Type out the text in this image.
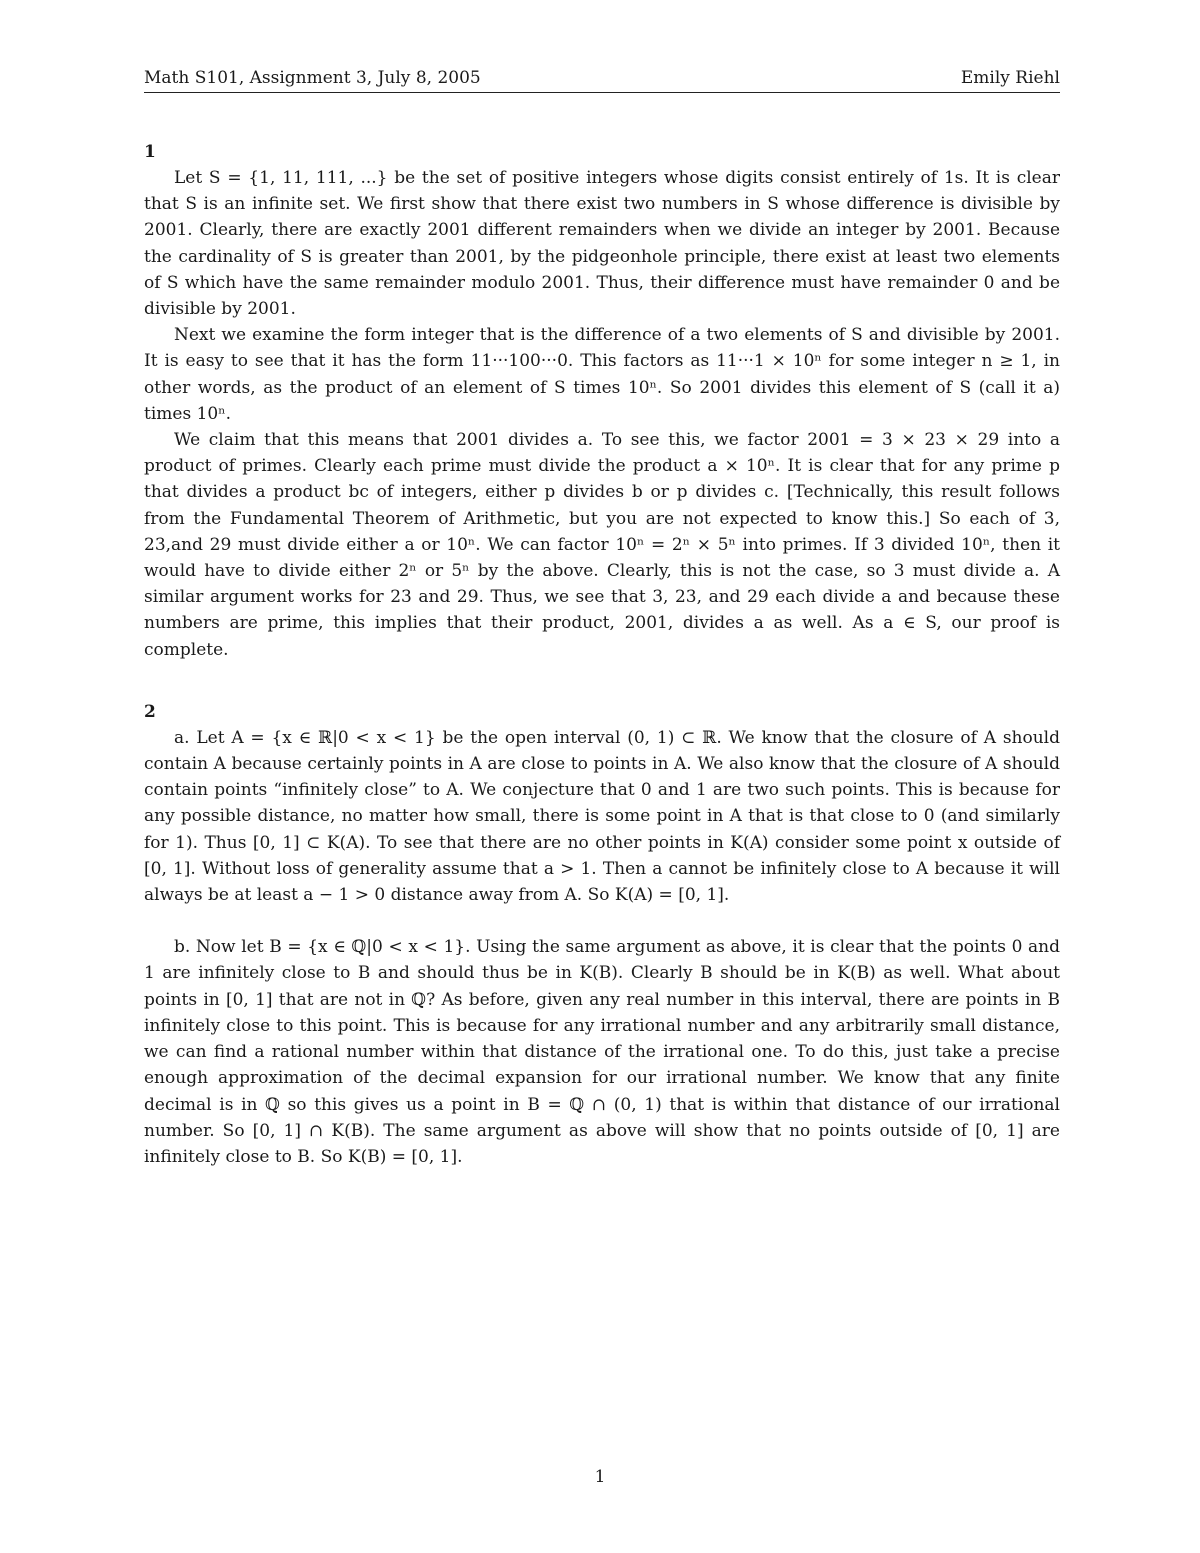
Math S101, Assignment 3, July 8, 2005	Emily Riehl
1

Let S = {1, 11, 111, ...} be the set of positive integers whose digits consist entirely of 1s. It is clear that S is an infinite set. We first show that there exist two numbers in S whose difference is divisible by 2001. Clearly, there are exactly 2001 different remainders when we divide an integer by 2001. Because the cardinality of S is greater than 2001, by the pidgeonhole principle, there exist at least two elements of S which have the same remainder modulo 2001. Thus, their difference must have remainder 0 and be divisible by 2001.

Next we examine the form integer that is the difference of a two elements of S and divisible by 2001. It is easy to see that it has the form 11···100···0. This factors as 11···1 × 10ⁿ for some integer n ≥ 1, in other words, as the product of an element of S times 10ⁿ. So 2001 divides this element of S (call it a) times 10ⁿ.

We claim that this means that 2001 divides a. To see this, we factor 2001 = 3 × 23 × 29 into a product of primes. Clearly each prime must divide the product a × 10ⁿ. It is clear that for any prime p that divides a product bc of integers, either p divides b or p divides c. [Technically, this result follows from the Fundamental Theorem of Arithmetic, but you are not expected to know this.] So each of 3, 23,and 29 must divide either a or 10ⁿ. We can factor 10ⁿ = 2ⁿ × 5ⁿ into primes. If 3 divided 10ⁿ, then it would have to divide either 2ⁿ or 5ⁿ by the above. Clearly, this is not the case, so 3 must divide a. A similar argument works for 23 and 29. Thus, we see that 3, 23, and 29 each divide a and because these numbers are prime, this implies that their product, 2001, divides a as well. As a ∈ S, our proof is complete.

2

a. Let A = {x ∈ ℝ|0 < x < 1} be the open interval (0, 1) ⊂ ℝ. We know that the closure of A should contain A because certainly points in A are close to points in A. We also know that the closure of A should contain points “infinitely close” to A. We conjecture that 0 and 1 are two such points. This is because for any possible distance, no matter how small, there is some point in A that is that close to 0 (and similarly for 1). Thus [0, 1] ⊂ K(A). To see that there are no other points in K(A) consider some point x outside of [0, 1]. Without loss of generality assume that a > 1. Then a cannot be infinitely close to A because it will always be at least a − 1 > 0 distance away from A. So K(A) = [0, 1].

b. Now let B = {x ∈ ℚ|0 < x < 1}. Using the same argument as above, it is clear that the points 0 and 1 are infinitely close to B and should thus be in K(B). Clearly B should be in K(B) as well. What about points in [0, 1] that are not in ℚ? As before, given any real number in this interval, there are points in B infinitely close to this point. This is because for any irrational number and any arbitrarily small distance, we can find a rational number within that distance of the irrational one. To do this, just take a precise enough approximation of the decimal expansion for our irrational number. We know that any finite decimal is in ℚ so this gives us a point in B = ℚ ∩ (0, 1) that is within that distance of our irrational number. So [0, 1] ∩ K(B). The same argument as above will show that no points outside of [0, 1] are infinitely close to B. So K(B) = [0, 1].

1
